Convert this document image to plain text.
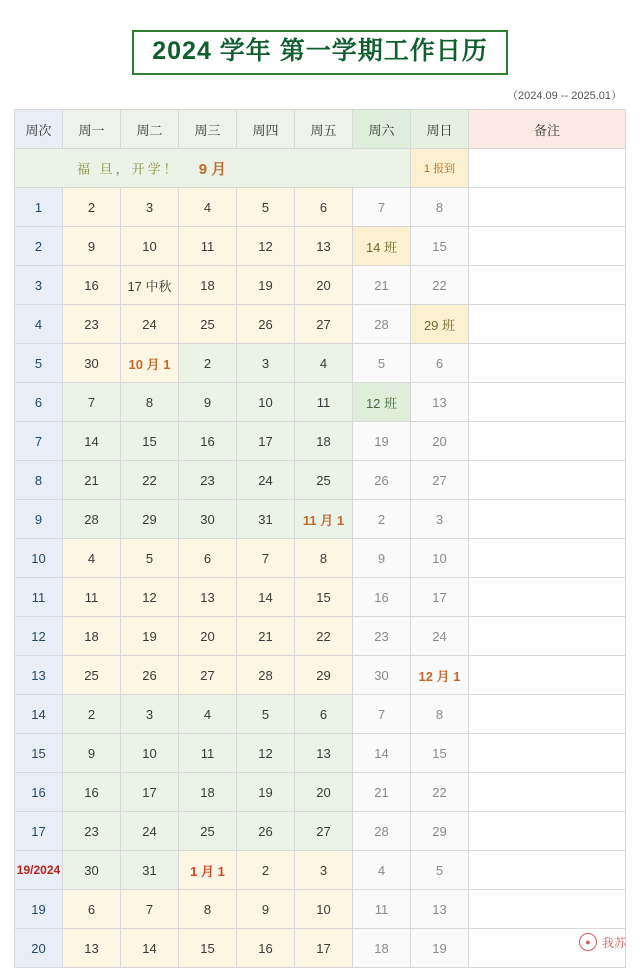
2024 学年 第一学期工作日历
（2024.09 -- 2025.01）
周次	周一	周二	周三	周四	周五	周六	周日	备注

福 旦，开学！ 9 月							1 报到	
1	2	3	4	5	6	7	8	
2	9	10	11	12	13	14 班	15	
3	16	17 中秋	18	19	20	21	22	
4	23	24	25	26	27	28	29 班	
5	30	10 月 1	2	3	4	5	6	
6	7	8	9	10	11	12 班	13	
7	14	15	16	17	18	19	20	
8	21	22	23	24	25	26	27	
9	28	29	30	31	11 月 1	2	3	
10	4	5	6	7	8	9	10	
11	11	12	13	14	15	16	17	
12	18	19	20	21	22	23	24	
13	25	26	27	28	29	30	12 月 1	
14	2	3	4	5	6	7	8	
15	9	10	11	12	13	14	15	
16	16	17	18	19	20	21	22	
17	23	24	25	26	27	28	29	
19/2024	30	31	1 月 1	2	3	4	5	
19	6	7	8	9	10	11	13	
20	13	14	15	16	17	18	19		● 我苏
